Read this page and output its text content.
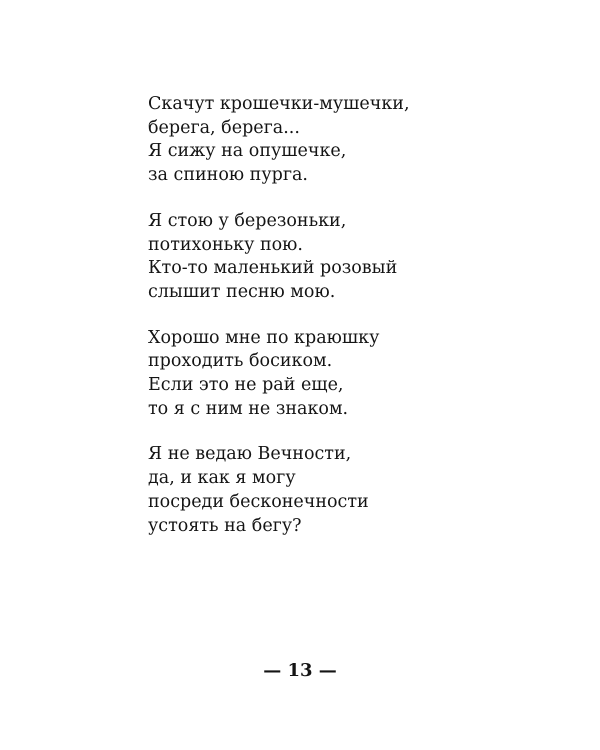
Скачут крошечки-мушечки,
берега, берега...
Я сижу на опушечке,
за спиною пурга.
Я стою у березоньки,
потихоньку пою.
Кто-то маленький розовый
слышит песню мою.
Хорошо мне по краюшку
проходить босиком.
Если это не рай еще,
то я с ним не знаком.
Я не ведаю Вечности,
да, и как я могу
посреди бесконечности
устоять на бегу?
— 13 —
